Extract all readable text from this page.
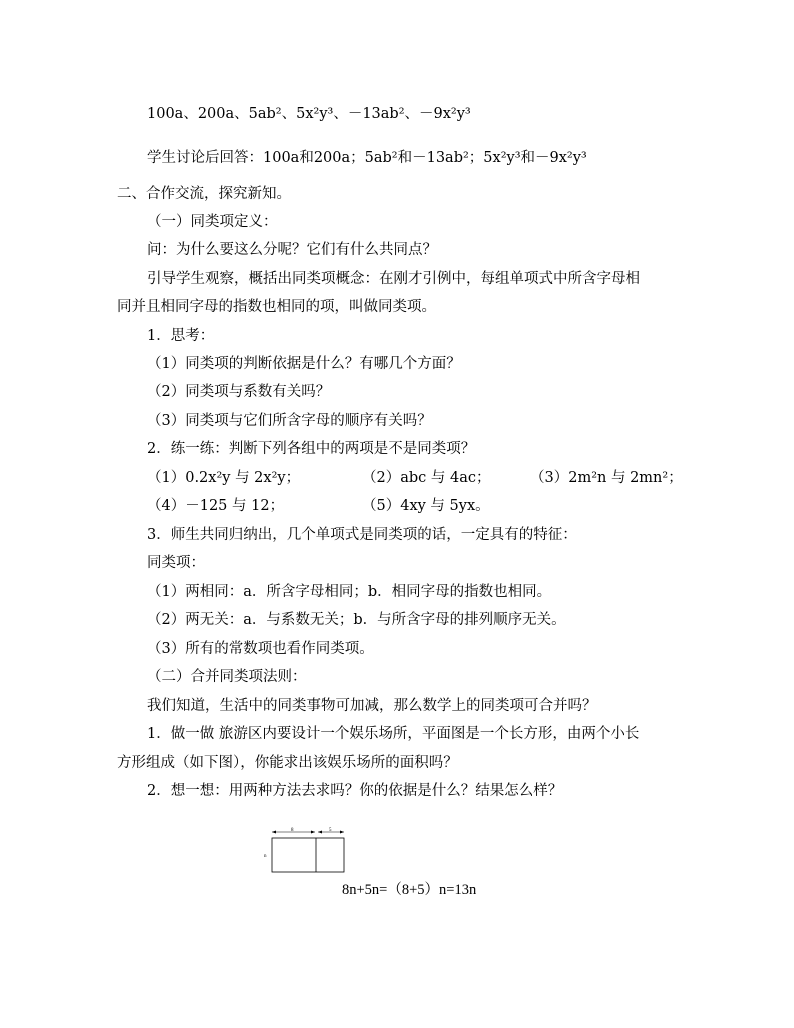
100a、200a、5ab²、5x²y³、－13ab²、－9x²y³
学生讨论后回答：100a和200a；5ab²和－13ab²；5x²y³和－9x²y³
二、合作交流，探究新知。
（一）同类项定义：
问：为什么要这么分呢？它们有什么共同点？
引导学生观察，概括出同类项概念：在刚才引例中，每组单项式中所含字母相
同并且相同字母的指数也相同的项，叫做同类项。
1．思考：
（1）同类项的判断依据是什么？有哪几个方面？
（2）同类项与系数有关吗？
（3）同类项与它们所含字母的顺序有关吗？
2．练一练：判断下列各组中的两项是不是同类项？
（1）0.2x²y 与 2x²y；	（2）abc 与 4ac；	（3）2m²n 与 2mn²；
（4）－125 与 12；	（5）4xy 与 5yx。
3．师生共同归纳出，几个单项式是同类项的话，一定具有的特征：
同类项：
（1）两相同：a．所含字母相同；b．相同字母的指数也相同。
（2）两无关：a．与系数无关；b．与所含字母的排列顺序无关。
（3）所有的常数项也看作同类项。
（二）合并同类项法则：
我们知道，生活中的同类事物可加减，那么数学上的同类项可合并吗？
1．做一做 旅游区内要设计一个娱乐场所，平面图是一个长方形，由两个小长
方形组成（如下图），你能求出该娱乐场所的面积吗？
2．想一想：用两种方法去求吗？你的依据是什么？结果怎么样？
8	5
n
8n+5n=（8+5）n=13n
